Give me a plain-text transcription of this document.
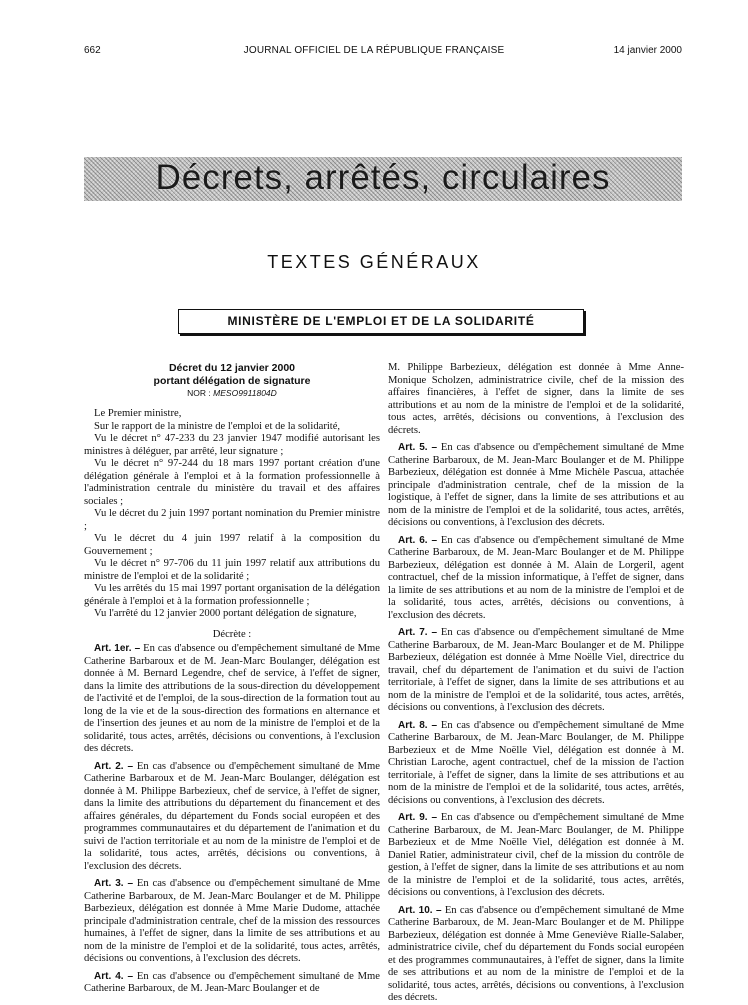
662	JOURNAL OFFICIEL DE LA RÉPUBLIQUE FRANÇAISE	14 janvier 2000
Décrets, arrêtés, circulaires
TEXTES GÉNÉRAUX
MINISTÈRE DE L'EMPLOI ET DE LA SOLIDARITÉ

Décret du 12 janvier 2000

portant délégation de signature

NOR : MESO9911804D

Le Premier ministre,

Sur le rapport de la ministre de l'emploi et de la solidarité,

Vu le décret n° 47-233 du 23 janvier 1947 modifié autorisant les ministres à déléguer, par arrêté, leur signature ;

Vu le décret n° 97-244 du 18 mars 1997 portant création d'une délégation générale à l'emploi et à la formation professionnelle à l'administration centrale du ministère du travail et des affaires sociales ;

Vu le décret du 2 juin 1997 portant nomination du Premier ministre ;

Vu le décret du 4 juin 1997 relatif à la composition du Gouvernement ;

Vu le décret n° 97-706 du 11 juin 1997 relatif aux attributions du ministre de l'emploi et de la solidarité ;

Vu les arrêtés du 15 mai 1997 portant organisation de la délégation générale à l'emploi et à la formation professionnelle ;

Vu l'arrêté du 12 janvier 2000 portant délégation de signature,

Décrète :

Art. 1er. – En cas d'absence ou d'empêchement simultané de Mme Catherine Barbaroux et de M. Jean-Marc Boulanger, délégation est donnée à M. Bernard Legendre, chef de service, à l'effet de signer, dans la limite des attributions de la sous-direction du développement de l'activité et de l'emploi, de la sous-direction de la formation tout au long de la vie et de la sous-direction des formations en alternance et de l'insertion des jeunes et au nom de la ministre de l'emploi et de la solidarité, tous actes, arrêtés, décisions ou conventions, à l'exclusion des décrets.

Art. 2. – En cas d'absence ou d'empêchement simultané de Mme Catherine Barbaroux et de M. Jean-Marc Boulanger, délégation est donnée à M. Philippe Barbezieux, chef de service, à l'effet de signer, dans la limite des attributions du département du financement et des affaires générales, du département du Fonds social européen et des programmes communautaires et du département de l'animation et du suivi de l'action territoriale et au nom de la ministre de l'emploi et de la solidarité, tous actes, arrêtés, décisions ou conventions, à l'exclusion des décrets.

Art. 3. – En cas d'absence ou d'empêchement simultané de Mme Catherine Barbaroux, de M. Jean-Marc Boulanger et de M. Philippe Barbezieux, délégation est donnée à Mme Marie Dudome, attachée principale d'administration centrale, chef de la mission des ressources humaines, à l'effet de signer, dans la limite de ses attributions et au nom de la ministre de l'emploi et de la solidarité, tous actes, arrêtés, décisions ou conventions, à l'exclusion des décrets.

Art. 4. – En cas d'absence ou d'empêchement simultané de Mme Catherine Barbaroux, de M. Jean-Marc Boulanger et de

M. Philippe Barbezieux, délégation est donnée à Mme Anne-Monique Scholzen, administratrice civile, chef de la mission des affaires financières, à l'effet de signer, dans la limite de ses attributions et au nom de la ministre de l'emploi et de la solidarité, tous actes, arrêtés, décisions ou conventions, à l'exclusion des décrets.

Art. 5. – En cas d'absence ou d'empêchement simultané de Mme Catherine Barbaroux, de M. Jean-Marc Boulanger et de M. Philippe Barbezieux, délégation est donnée à Mme Michèle Pascua, attachée principale d'administration centrale, chef de la mission de la logistique, à l'effet de signer, dans la limite de ses attributions et au nom de la ministre de l'emploi et de la solidarité, tous actes, arrêtés, décisions ou conventions, à l'exclusion des décrets.

Art. 6. – En cas d'absence ou d'empêchement simultané de Mme Catherine Barbaroux, de M. Jean-Marc Boulanger et de M. Philippe Barbezieux, délégation est donnée à M. Alain de Lorgeril, agent contractuel, chef de la mission informatique, à l'effet de signer, dans la limite de ses attributions et au nom de la ministre de l'emploi et de la solidarité, tous actes, arrêtés, décisions ou conventions, à l'exclusion des décrets.

Art. 7. – En cas d'absence ou d'empêchement simultané de Mme Catherine Barbaroux, de M. Jean-Marc Boulanger et de M. Philippe Barbezieux, délégation est donnée à Mme Noëlle Viel, directrice du travail, chef du département de l'animation et du suivi de l'action territoriale, à l'effet de signer, dans la limite de ses attributions et au nom de la ministre de l'emploi et de la solidarité, tous actes, arrêtés, décisions ou conventions, à l'exclusion des décrets.

Art. 8. – En cas d'absence ou d'empêchement simultané de Mme Catherine Barbaroux, de M. Jean-Marc Boulanger, de M. Philippe Barbezieux et de Mme Noëlle Viel, délégation est donnée à M. Christian Laroche, agent contractuel, chef de la mission de l'action territoriale, à l'effet de signer, dans la limite de ses attributions et au nom de la ministre de l'emploi et de la solidarité, tous actes, arrêtés, décisions ou conventions, à l'exclusion des décrets.

Art. 9. – En cas d'absence ou d'empêchement simultané de Mme Catherine Barbaroux, de M. Jean-Marc Boulanger, de M. Philippe Barbezieux et de Mme Noëlle Viel, délégation est donnée à M. Daniel Ratier, administrateur civil, chef de la mission du contrôle de gestion, à l'effet de signer, dans la limite de ses attributions et au nom de la ministre de l'emploi et de la solidarité, tous actes, arrêtés, décisions ou conventions, à l'exclusion des décrets.

Art. 10. – En cas d'absence ou d'empêchement simultané de Mme Catherine Barbaroux, de M. Jean-Marc Boulanger et de M. Philippe Barbezieux, délégation est donnée à Mme Geneviève Rialle-Salaber, administratrice civile, chef du département du Fonds social européen et des programmes communautaires, à l'effet de signer, dans la limite de ses attributions et au nom de la ministre de l'emploi et de la solidarité, tous actes, arrêtés, décisions ou conventions, à l'exclusion des décrets.
